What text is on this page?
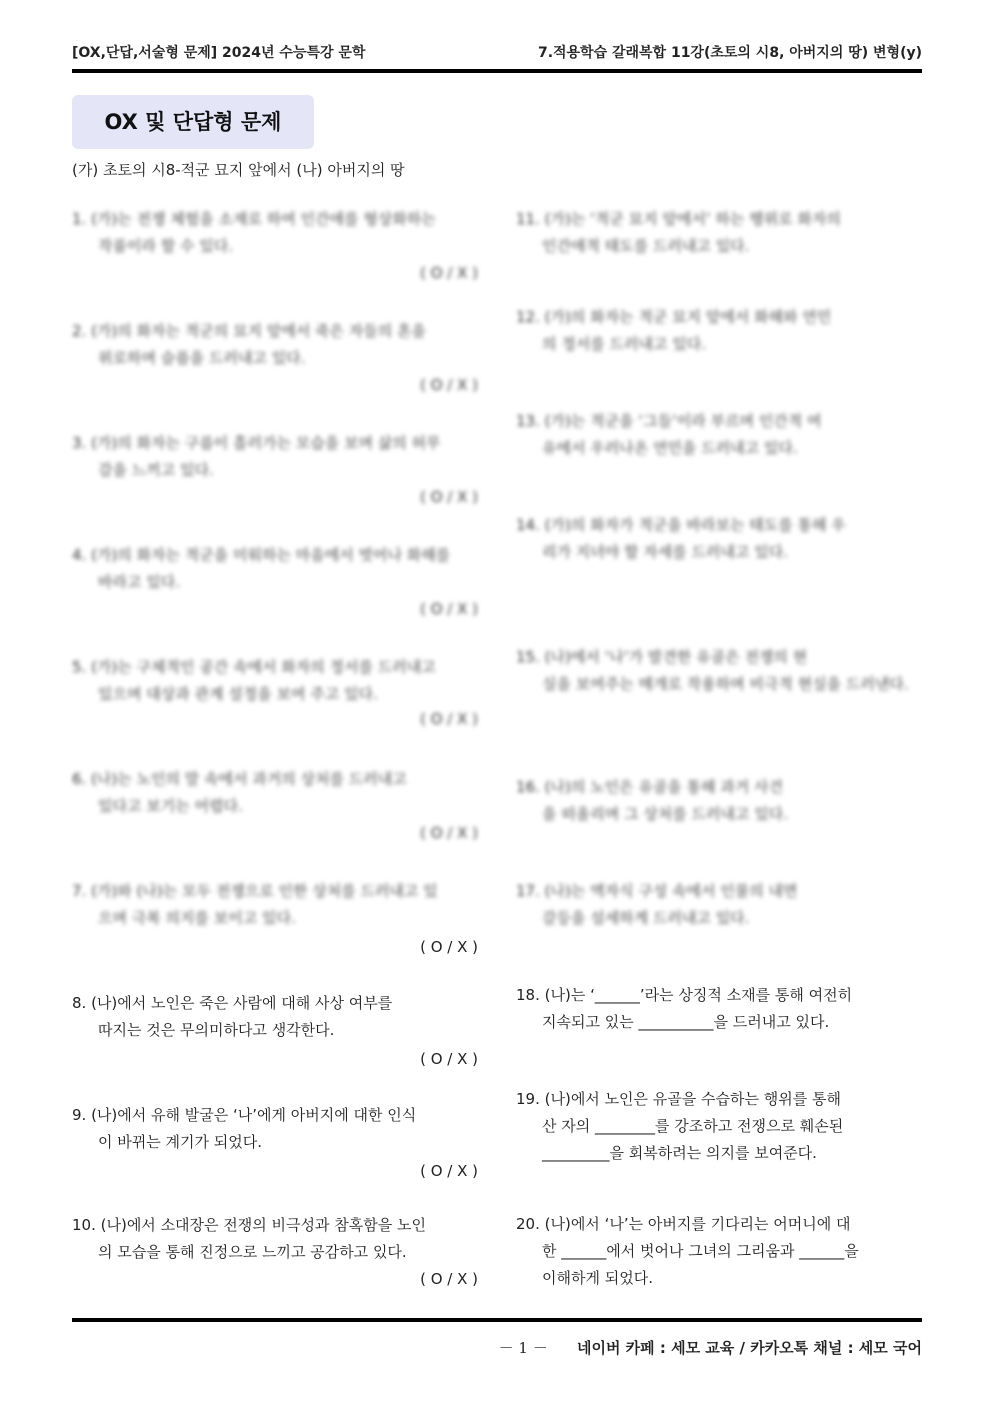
[OX,단답,서술형 문제] 2024년 수능특강 문학	7.적용학습 갈래복합 11강(초토의 시8, 아버지의 땅) 변형(y)
OX 및 단답형 문제
(가) 초토의 시8-적군 묘지 앞에서 (나) 아버지의 땅
1. (가)는 전쟁 체험을 소재로 하여 인간애를 형상화하는
작품이라 할 수 있다.
( O / X )
2. (가)의 화자는 적군의 묘지 앞에서 죽은 자들의 혼을
위로하며 슬픔을 드러내고 있다.
( O / X )
3. (가)의 화자는 구름이 흘러가는 모습을 보며 삶의 허무
감을 느끼고 있다.
( O / X )
4. (가)의 화자는 적군을 미워하는 마음에서 벗어나 화해를
바라고 있다.
( O / X )
5. (가)는 구체적인 공간 속에서 화자의 정서를 드러내고
있으며 대상과 관계 설정을 보여 주고 있다.
( O / X )
6. (나)는 노인의 말 속에서 과거의 상처를 드러내고
있다고 보기는 어렵다.
( O / X )
7. (가)와 (나)는 모두 전쟁으로 인한 상처를 드러내고 있
으며 극복 의지를 보이고 있다.
( O / X )
8. (나)에서 노인은 죽은 사람에 대해 사상 여부를
따지는 것은 무의미하다고 생각한다.
( O / X )
9. (나)에서 유해 발굴은 ‘나’에게 아버지에 대한 인식
이 바뀌는 계기가 되었다.
( O / X )
10. (나)에서 소대장은 전쟁의 비극성과 참혹함을 노인
의 모습을 통해 진정으로 느끼고 공감하고 있다.
( O / X )
11. (가)는 ‘적군 묘지 앞에서’ 하는 행위로 화자의
인간애적 태도를 드러내고 있다.
12. (가)의 화자는 적군 묘지 앞에서 화해와 연민
의 정서를 드러내고 있다.
13. (가)는 적군을 ‘그들’이라 부르며 인간적 여
유에서 우러나온 연민을 드러내고 있다.
14. (가)의 화자가 적군을 바라보는 태도를 통해 우
리가 지녀야 할 자세를 드러내고 있다.
15. (나)에서 ‘나’가 발견한 유골은 전쟁의 현
실을 보여주는 매개로 작용하며 비극적 현실을 드러낸다.
16. (나)의 노인은 유골을 통해 과거 사건
을 떠올리며 그 상처를 드러내고 있다.
17. (나)는 액자식 구성 속에서 인물의 내면
갈등을 섬세하게 드러내고 있다.
18. (나)는 ‘______’라는 상징적 소재를 통해 여전히
지속되고 있는 __________을 드러내고 있다.
19. (나)에서 노인은 유골을 수습하는 행위를 통해
산 자의 ________를 강조하고 전쟁으로 훼손된
_________을 회복하려는 의지를 보여준다.
20. (나)에서 ‘나’는 아버지를 기다리는 어머니에 대
한 ______에서 벗어나 그녀의 그리움과 ______을
이해하게 되었다.
－ 1 － 네이버 카페 : 세모 교육 / 카카오톡 채널 : 세모 국어
